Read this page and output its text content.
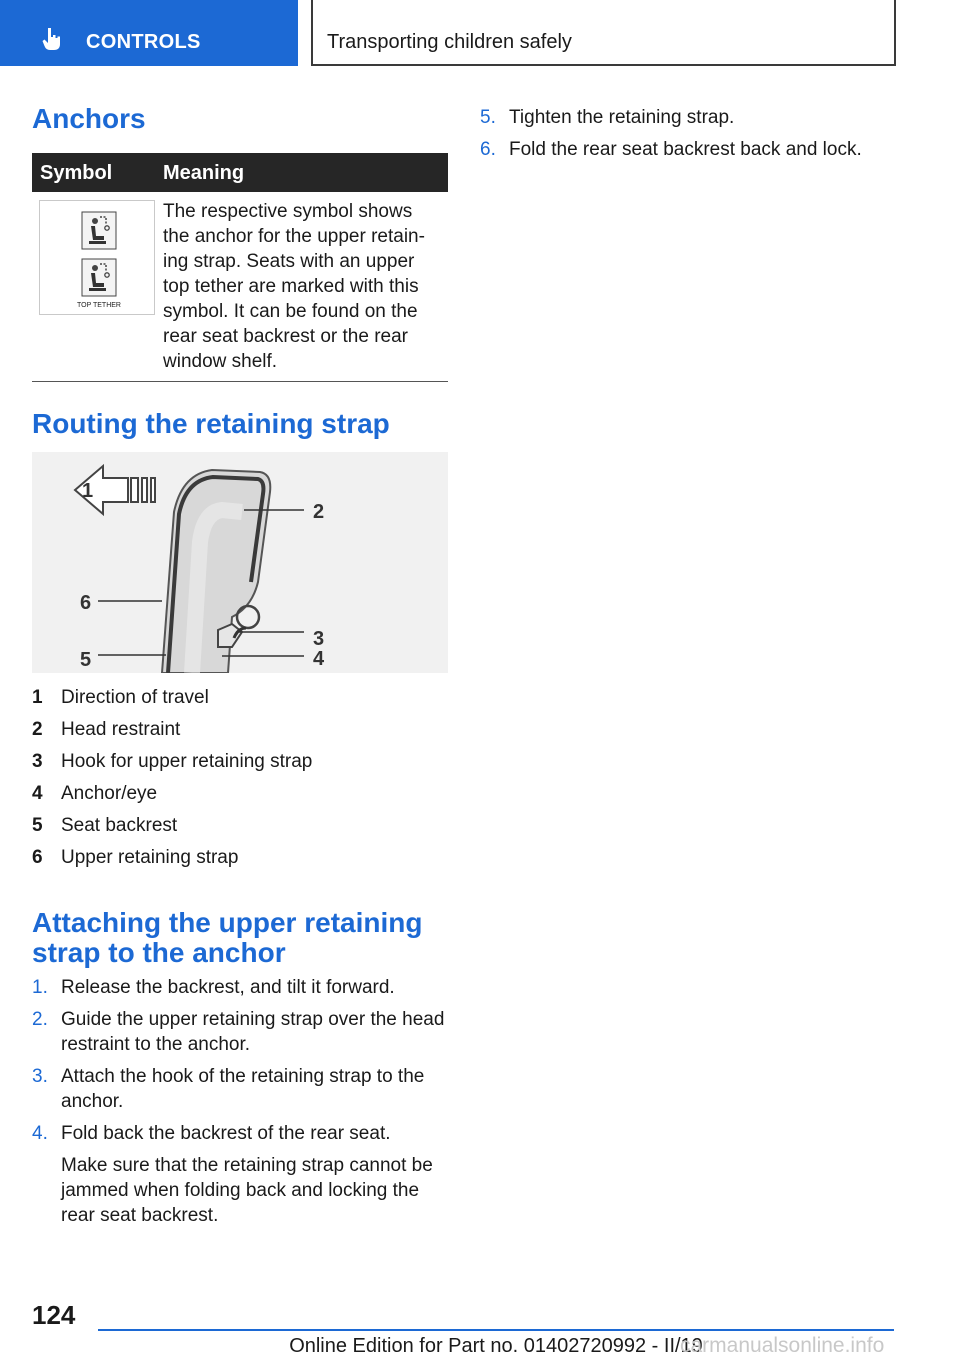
CONTROLS	Transporting children safely
Anchors
Symbol	Meaning
TOP TETHER
The respective symbol shows the anchor for the upper retain-ing strap. Seats with an upper top tether are marked with this symbol. It can be found on the rear seat backrest or the rear window shelf.
Routing the retaining strap
1
2
3
4
5
6
1 Direction of travel
2 Head restraint
3 Hook for upper retaining strap
4 Anchor/eye
5 Seat backrest
6 Upper retaining strap
Attaching the upper retaining strap to the anchor
1. Release the backrest, and tilt it forward.
2. Guide the upper retaining strap over the head restraint to the anchor.
3. Attach the hook of the retaining strap to the anchor.
4. Fold back the backrest of the rear seat.
Make sure that the retaining strap cannot be jammed when folding back and locking the rear seat backrest.
5. Tighten the retaining strap.
6. Fold the rear seat backrest back and lock.
124
Online Edition for Part no. 01402720992 - II/19
carmanualsonline.info
